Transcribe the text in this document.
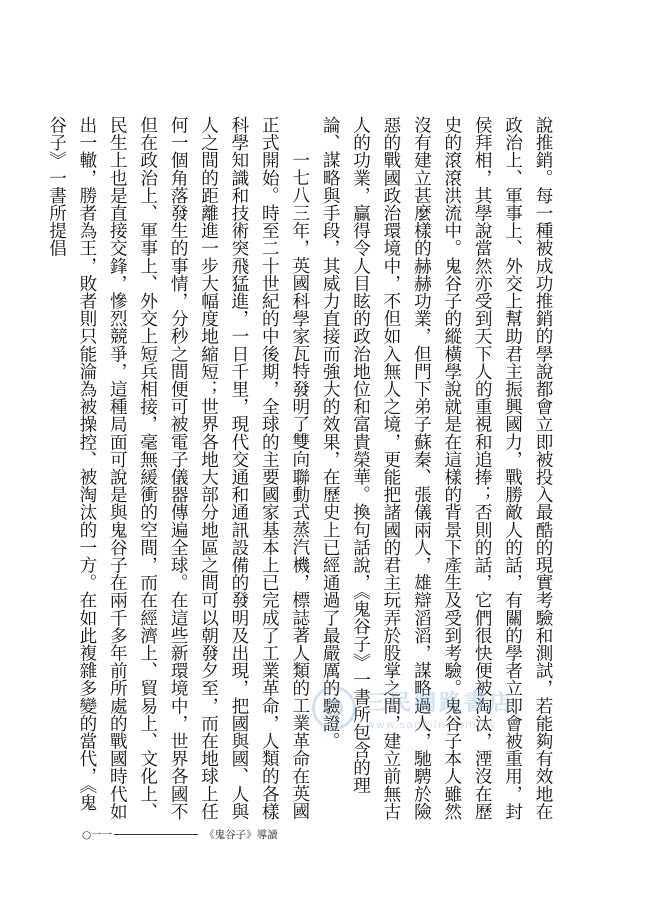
說推銷。每一種被成功推銷的學說都會立即被投入最酷的現實考驗和測試，若能夠有效地在政治上、軍事上、外交上幫助君主振興國力，戰勝敵人的話，有關的學者立即會被重用，封侯拜相，其學說當然亦受到天下人的重視和追捧；否則的話，它們很快便被淘汰，湮沒在歷史的滾滾洪流中。鬼谷子的縱橫學說就是在這樣的背景下產生及受到考驗。鬼谷子本人雖然沒有建立甚麼樣的赫赫功業，但門下弟子蘇秦、張儀兩人，雄辯滔滔，謀略過人，馳騁於險惡的戰國政治環境中，不但如入無人之境，更能把諸國的君主玩弄於股掌之間，建立前無古人的功業，贏得令人目眩的政治地位和富貴榮華。換句話說，《鬼谷子》一書所包含的理論、謀略與手段，其威力直接而強大的效果，在歷史上已經通過了最嚴厲的驗證。

一七八三年，英國科學家瓦特發明了雙向聯動式蒸汽機，標誌著人類的工業革命在英國正式開始。時至二十世紀的中後期，全球的主要國家基本上已完成了工業革命，人類的各樣科學知識和技術突飛猛進，一日千里，現代交通和通訊設備的發明及出現，把國與國、人與人之間的距離進一步大幅度地縮短；世界各地大部分地區之間可以朝發夕至，而在地球上任何一個角落發生的事情，分秒之間便可被電子儀器傳遍全球。在這些新環境中，世界各國不但在政治上、軍事上、外交上短兵相接，毫無緩衝的空間，而在經濟上、貿易上、文化上、民生上也是直接交鋒，慘烈競爭，這種局面可說是與鬼谷子在兩千多年前所處的戰國時代如出一轍，勝者為王，敗者則只能淪為被操控、被淘汰的一方。在如此複雜多變的當代，《鬼谷子》一書所提倡

三民網路書店
www.sanmin.com.tw
○一一	《鬼谷子》導讀
